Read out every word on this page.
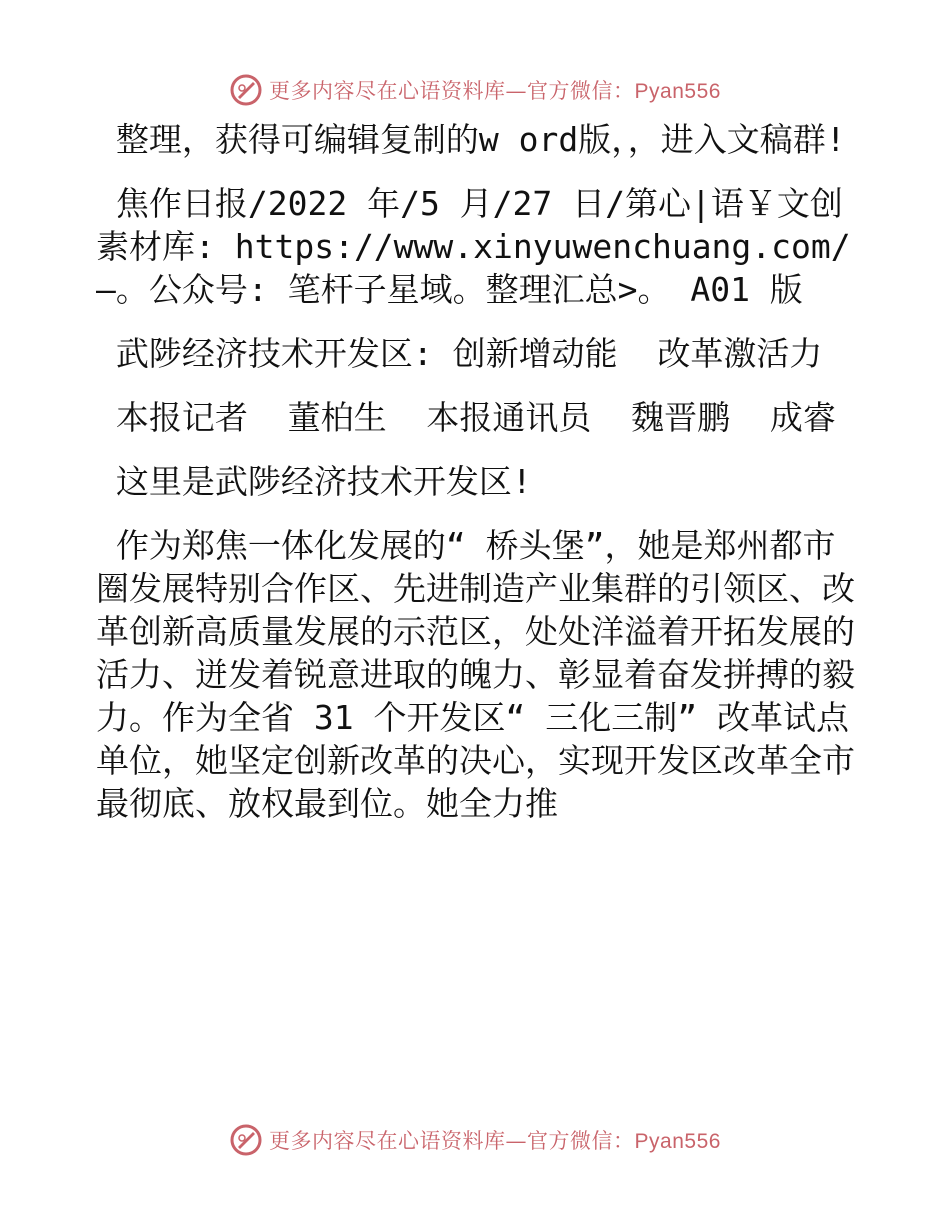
更多内容尽在心语资料库—官方微信：Pyan556

整理，获得可编辑复制的w ord版，，进入文稿群!

焦作日报/2022 年/5 月/27 日/第心|语￥文创素材库: https://www.xinyuwenchuang.com/—。公众号: 笔杆子星域。整理汇总>。 A01 版

武陟经济技术开发区: 创新增动能  改革激活力

本报记者  董柏生  本报通讯员  魏晋鹏  成睿

这里是武陟经济技术开发区!

作为郑焦一体化发展的“ 桥头堡”，她是郑州都市圈发展特别合作区、先进制造产业集群的引领区、改革创新高质量发展的示范区，处处洋溢着开拓发展的活力、迸发着锐意进取的魄力、彰显着奋发拼搏的毅力。作为全省 31 个开发区“ 三化三制” 改革试点单位，她坚定创新改革的决心，实现开发区改革全市最彻底、放权最到位。她全力推

更多内容尽在心语资料库—官方微信：Pyan556
